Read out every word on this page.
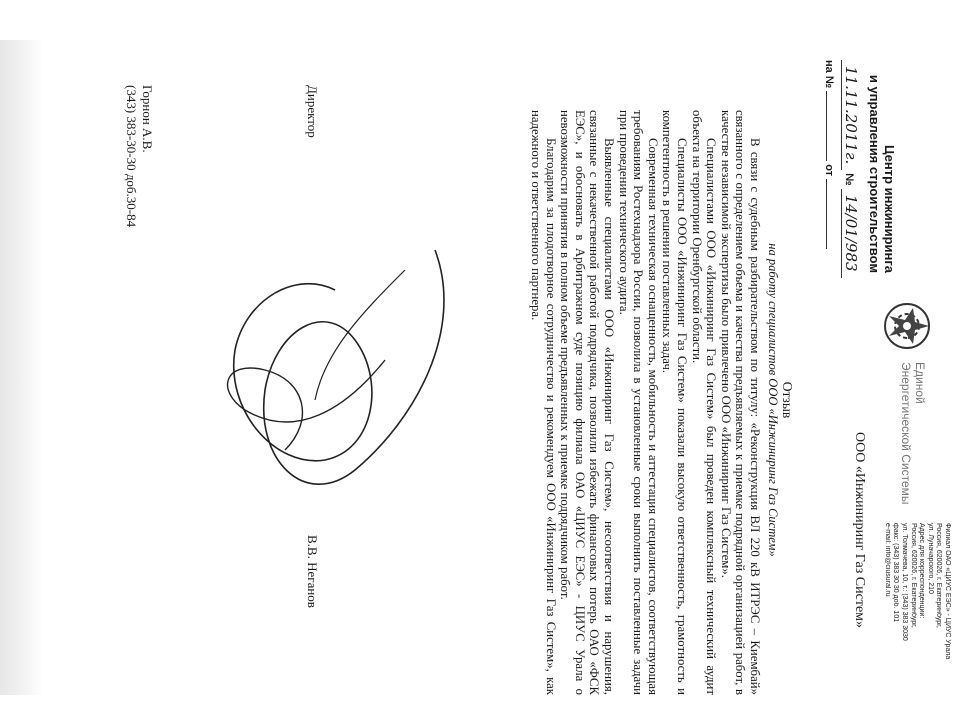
Центр инжиниринга
и управления строительством
11.11.2011г. № 14/01/983
на №  от
Единой
Энергетической Системы
Филиал ОАО «ЦИУС ЕЭС» - ЦИУС Урала
Россия, 620026, г. Екатеринбург,
ул. Луначарского, 210
Адрес для корреспонденции:
Россия, 620026, г. Екатеринбург,
ул. Толмачева, 10, т.: (343) 383 3030
факс: (343) 383 30 30 доб. 101
e-mail: info@ciusural.ru
ООО «Инжиниринг Газ Систем»
Отзыв
на работу специалистов ООО «Инжиниринг Газ Систем»

В связи с судебным разбирательством по титулу: «Реконструкция ВЛ 220 кВ ИТРЭС – Киембай» связанного с определением объема и качества предъявляемых к приемке подрядной организацией работ, в качестве независимой экспертизы было привлечено ООО «Инжиниринг Газ Систем».

Специалистами ООО «Инжиниринг Газ Систем» был проведен комплексный технический аудит объекта на территории Оренбургской области.

Специалисты ООО «Инжиниринг Газ Систем» показали высокую ответственность, грамотность и компетентность в решении поставленных задач.

Современная техническая оснащенность, мобильность и аттестация специалистов, соответствующая требованиям Ростехнадзора России, позволила в установленные сроки выполнить поставленные задачи при проведении технического аудита.

Выявленные специалистами ООО «Инжиниринг Газ Систем», несоответствия и нарушения, связанные с некачественной работой подрядчика, позволили избежать финансовых потерь ОАО «ФСК ЕЭС», и обосновать в Арбитражном суде позицию филиала ОАО «ЦИУС ЕЭС» - ЦИУС Урала о невозможности принятия в полном объеме предъявленных к приемке подрядчиком работ.

Благодарим за плодотворное сотрудничество и рекомендуем ООО «Инжиниринг Газ Систем», как надежного и ответственного партнера.

Директор
В.В. Неганов
Горнон А.В.
(343) 383-30-30 доб.30-84
